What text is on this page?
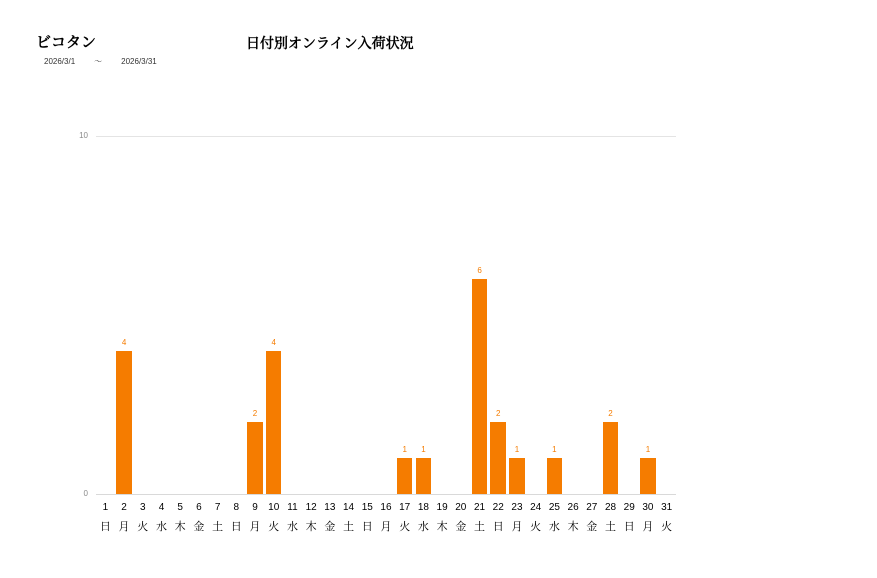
ビコタン
2026/3/1 ～ 2026/3/31
日付別オンライン入荷状況
10
0
4
2
4
1	1
6
2
1	1
2
1
1
日
2
月
3
火
4
水
5
木
6
金
7
土
8
日
9
月
10
火
11
水
12
木
13
金
14
土
15
日
16
月
17
火
18
水
19
木
20
金
21
土
22
日
23
月
24
火
25
水
26
木
27
金
28
土
29
日
30
月
31
火
